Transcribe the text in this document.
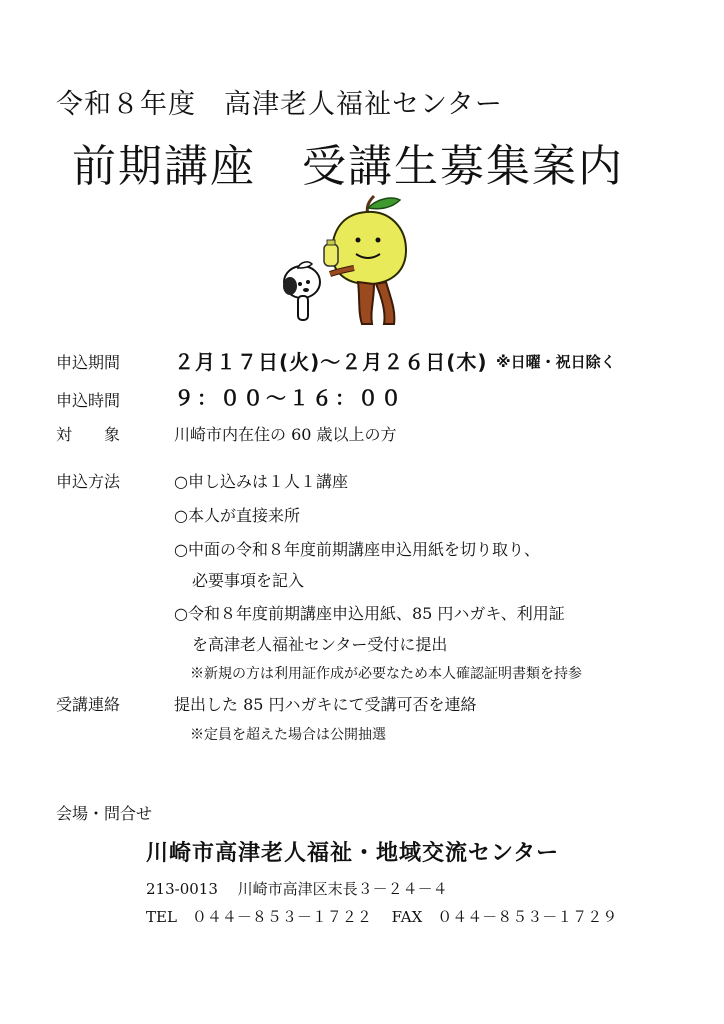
令和８年度　高津老人福祉センター
前期講座　受講生募集案内
申込期間	２月１７日(火)～２月２６日(木) ※日曜・祝日除く
申込時間	９：００～１６：００
対　　象	川崎市内在住の 60 歳以上の方
申込方法	○申し込みは１人１講座
○本人が直接来所
○中面の令和８年度前期講座申込用紙を切り取り、
必要事項を記入
○令和８年度前期講座申込用紙、85 円ハガキ、利用証
を高津老人福祉センター受付に提出
※新規の方は利用証作成が必要なため本人確認証明書類を持参
受講連絡	提出した 85 円ハガキにて受講可否を連絡
※定員を超えた場合は公開抽選
会場・問合せ
川崎市高津老人福祉・地域交流センター
213-0013　 川崎市高津区末長３－２４－４
TEL　０４４－８５３－１７２２　 FAX　０４４－８５３－１７２９
